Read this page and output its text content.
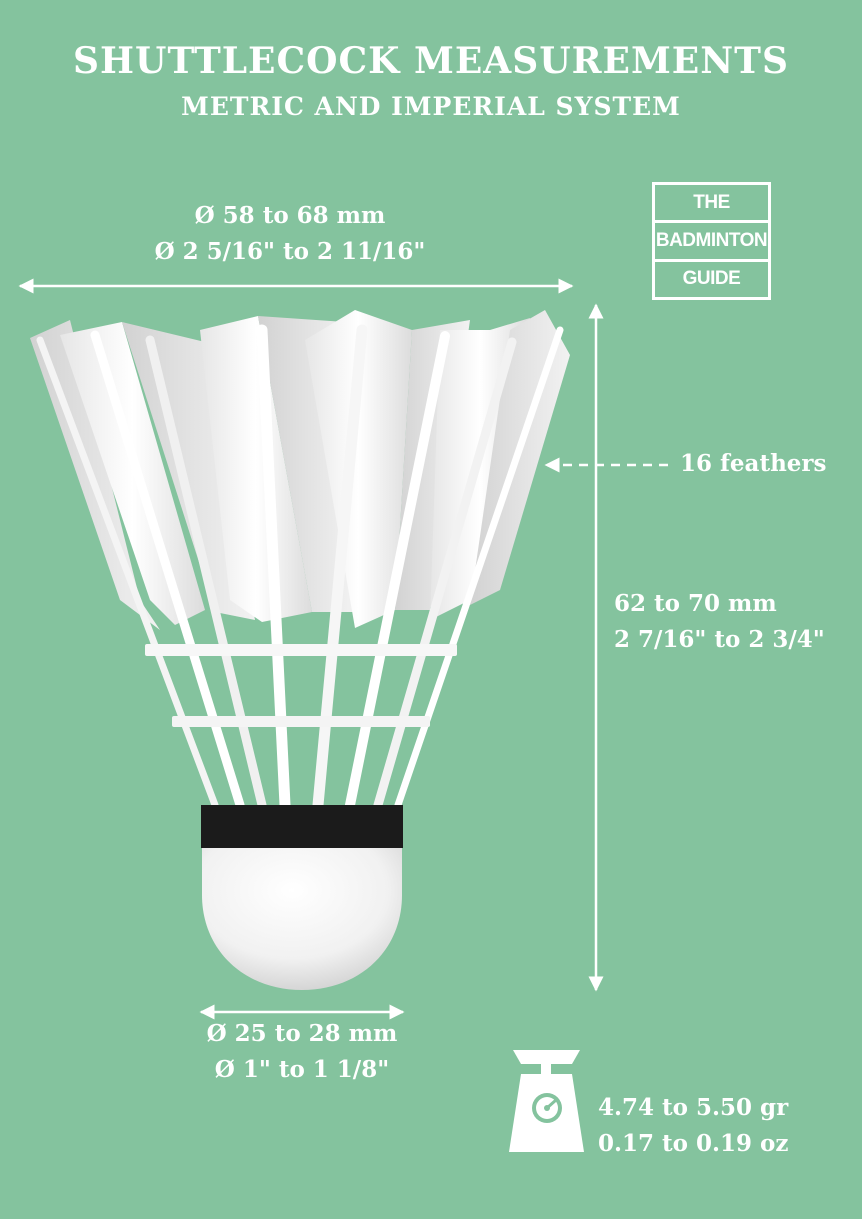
SHUTTLECOCK MEASUREMENTS
METRIC AND IMPERIAL SYSTEM
THE
BADMINTON
GUIDE
Ø 58 to 68 mm
Ø 2 5/16" to 2 11/16"
16 feathers
62 to 70 mm
2 7/16" to 2 3/4"
Ø 25 to 28 mm
Ø 1" to 1 1/8"
4.74 to 5.50 gr
0.17 to 0.19 oz
